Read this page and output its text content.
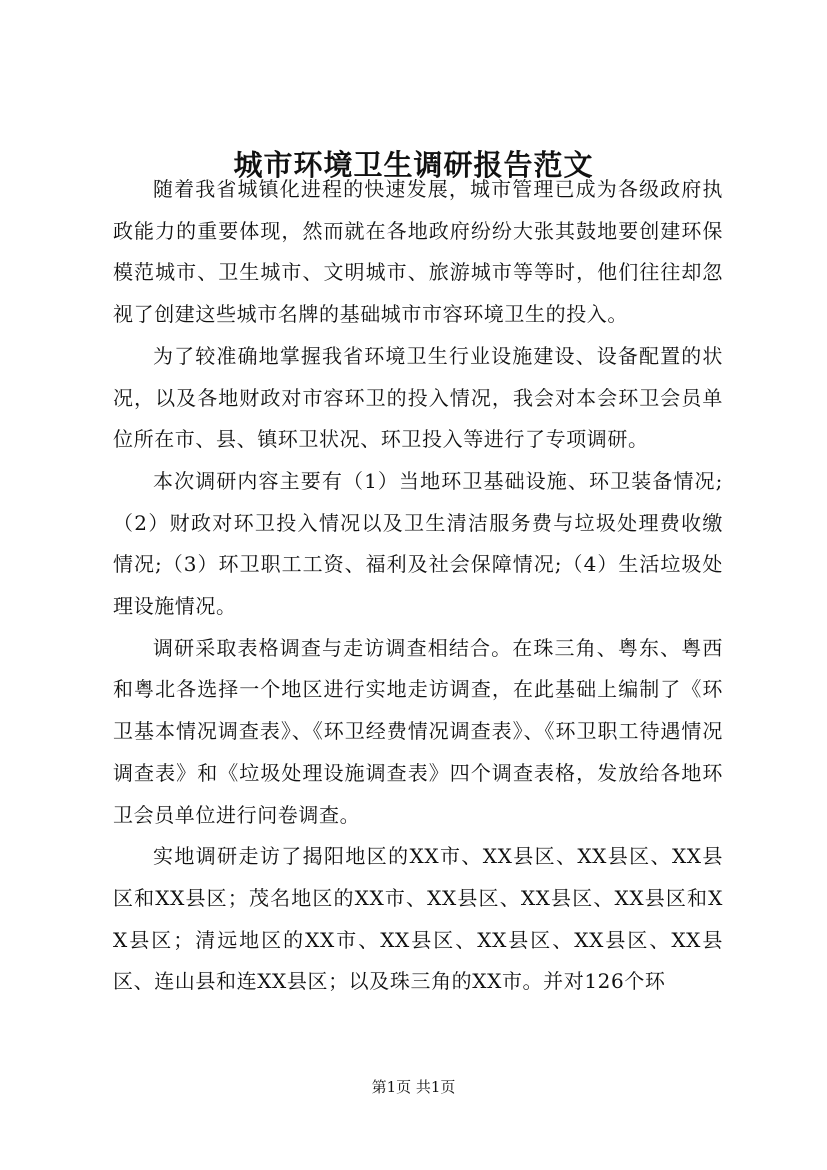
城市环境卫生调研报告范文

随着我省城镇化进程的快速发展，城市管理已成为各级政府执政能力的重要体现，然而就在各地政府纷纷大张其鼓地要创建环保模范城市、卫生城市、文明城市、旅游城市等等时，他们往往却忽视了创建这些城市名牌的基础城市市容环境卫生的投入。

为了较准确地掌握我省环境卫生行业设施建设、设备配置的状况，以及各地财政对市容环卫的投入情况，我会对本会环卫会员单位所在市、县、镇环卫状况、环卫投入等进行了专项调研。

本次调研内容主要有（1）当地环卫基础设施、环卫装备情况;（2）财政对环卫投入情况以及卫生清洁服务费与垃圾处理费收缴情况;（3）环卫职工工资、福利及社会保障情况;（4）生活垃圾处理设施情况。

调研采取表格调查与走访调查相结合。在珠三角、粤东、粤西和粤北各选择一个地区进行实地走访调查，在此基础上编制了《环卫基本情况调查表》、《环卫经费情况调查表》、《环卫职工待遇情况调查表》和《垃圾处理设施调查表》四个调查表格，发放给各地环卫会员单位进行问卷调查。

实地调研走访了揭阳地区的XX市、XX县区、XX县区、XX县区和XX县区；茂名地区的XX市、XX县区、XX县区、XX县区和XX县区；清远地区的XX市、XX县区、XX县区、XX县区、XX县区、连山县和连XX县区；以及珠三角的XX市。并对126个环

第1页 共1页
